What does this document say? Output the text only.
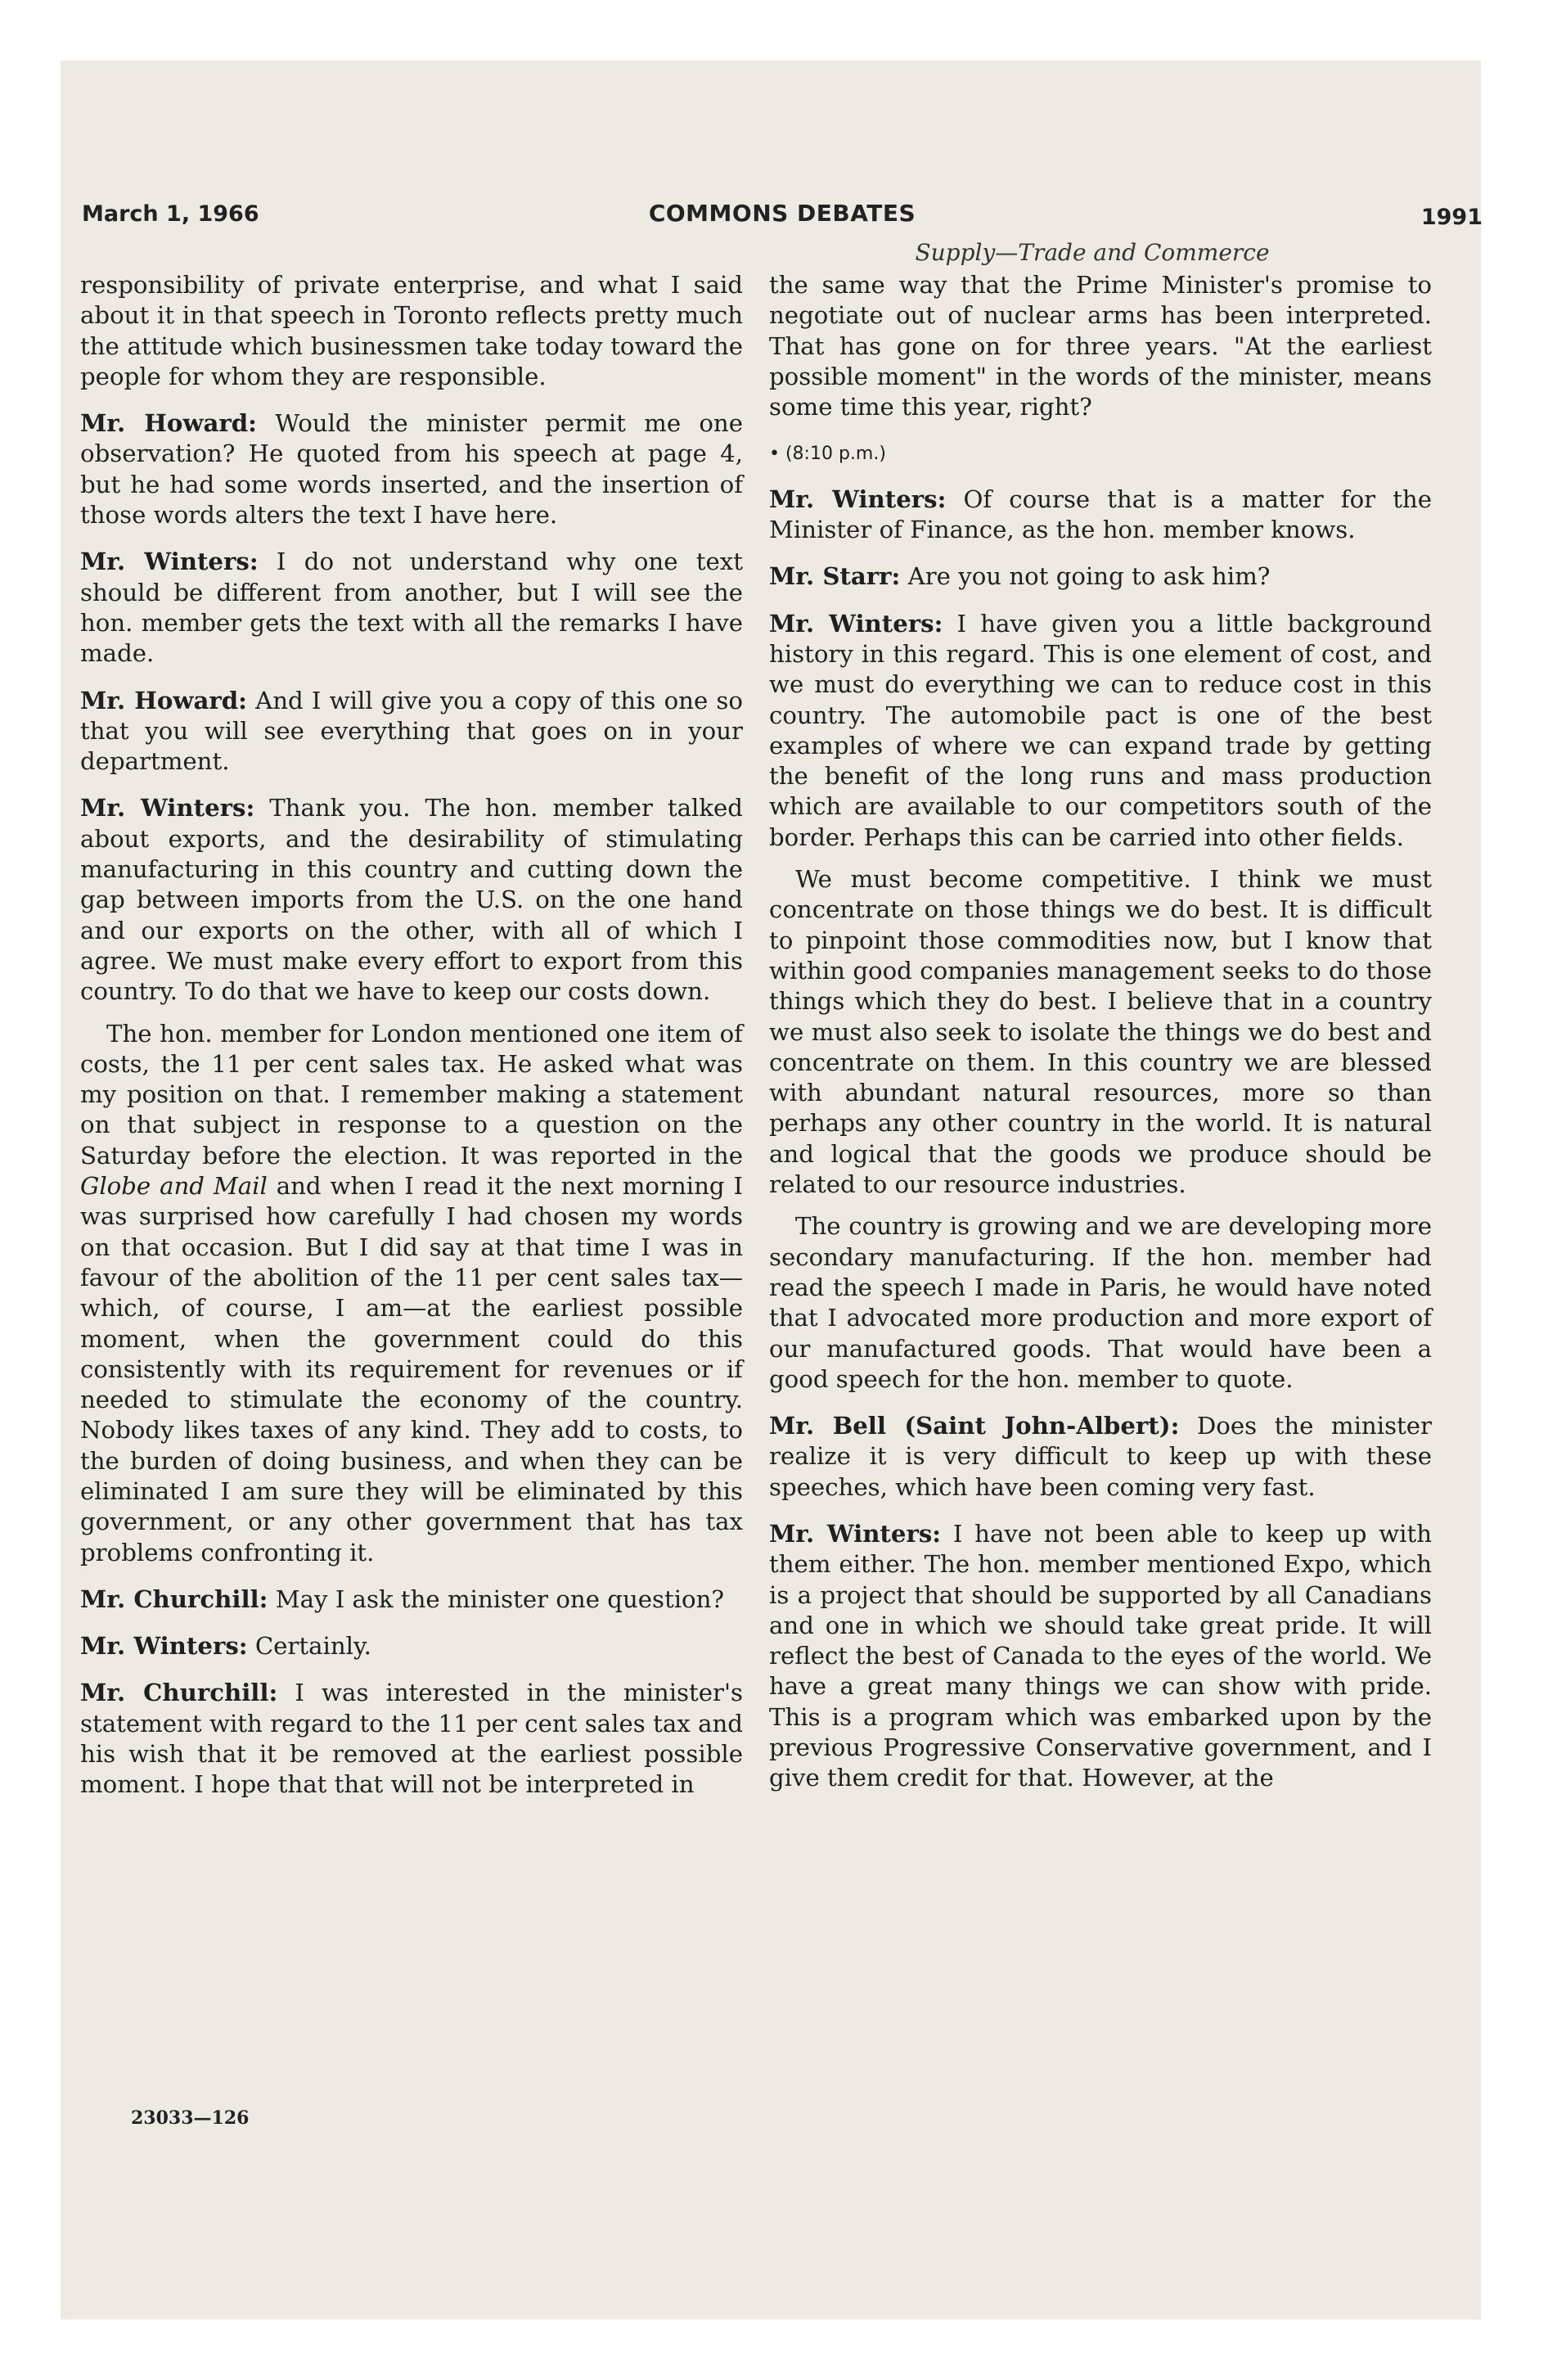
March 1, 1966	COMMONS DEBATES	1991
Supply—Trade and Commerce

responsibility of private enterprise, and what I said about it in that speech in Toronto reflects pretty much the attitude which businessmen take today toward the people for whom they are responsible.

Mr. Howard: Would the minister permit me one observation? He quoted from his speech at page 4, but he had some words inserted, and the insertion of those words alters the text I have here.

Mr. Winters: I do not understand why one text should be different from another, but I will see the hon. member gets the text with all the remarks I have made.

Mr. Howard: And I will give you a copy of this one so that you will see everything that goes on in your department.

Mr. Winters: Thank you. The hon. member talked about exports, and the desirability of stimulating manufacturing in this country and cutting down the gap between imports from the U.S. on the one hand and our exports on the other, with all of which I agree. We must make every effort to export from this country. To do that we have to keep our costs down.

The hon. member for London mentioned one item of costs, the 11 per cent sales tax. He asked what was my position on that. I remember making a statement on that subject in response to a question on the Saturday before the election. It was reported in the Globe and Mail and when I read it the next morning I was surprised how carefully I had chosen my words on that occasion. But I did say at that time I was in favour of the abolition of the 11 per cent sales tax—which, of course, I am—at the earliest possible moment, when the government could do this consistently with its requirement for revenues or if needed to stimulate the economy of the country. Nobody likes taxes of any kind. They add to costs, to the burden of doing business, and when they can be eliminated I am sure they will be eliminated by this government, or any other government that has tax problems confronting it.

Mr. Churchill: May I ask the minister one question?

Mr. Winters: Certainly.

Mr. Churchill: I was interested in the minister's statement with regard to the 11 per cent sales tax and his wish that it be removed at the earliest possible moment. I hope that that will not be interpreted in

23033—126

the same way that the Prime Minister's promise to negotiate out of nuclear arms has been interpreted. That has gone on for three years. "At the earliest possible moment" in the words of the minister, means some time this year, right?

• (8:10 p.m.)

Mr. Winters: Of course that is a matter for the Minister of Finance, as the hon. member knows.

Mr. Starr: Are you not going to ask him?

Mr. Winters: I have given you a little background history in this regard. This is one element of cost, and we must do everything we can to reduce cost in this country. The automobile pact is one of the best examples of where we can expand trade by getting the benefit of the long runs and mass production which are available to our competitors south of the border. Perhaps this can be carried into other fields.

We must become competitive. I think we must concentrate on those things we do best. It is difficult to pinpoint those commodities now, but I know that within good companies management seeks to do those things which they do best. I believe that in a country we must also seek to isolate the things we do best and concentrate on them. In this country we are blessed with abundant natural resources, more so than perhaps any other country in the world. It is natural and logical that the goods we produce should be related to our resource industries.

The country is growing and we are developing more secondary manufacturing. If the hon. member had read the speech I made in Paris, he would have noted that I advocated more production and more export of our manufactured goods. That would have been a good speech for the hon. member to quote.

Mr. Bell (Saint John-Albert): Does the minister realize it is very difficult to keep up with these speeches, which have been coming very fast.

Mr. Winters: I have not been able to keep up with them either. The hon. member mentioned Expo, which is a project that should be supported by all Canadians and one in which we should take great pride. It will reflect the best of Canada to the eyes of the world. We have a great many things we can show with pride. This is a program which was embarked upon by the previous Progressive Conservative government, and I give them credit for that. However, at the
